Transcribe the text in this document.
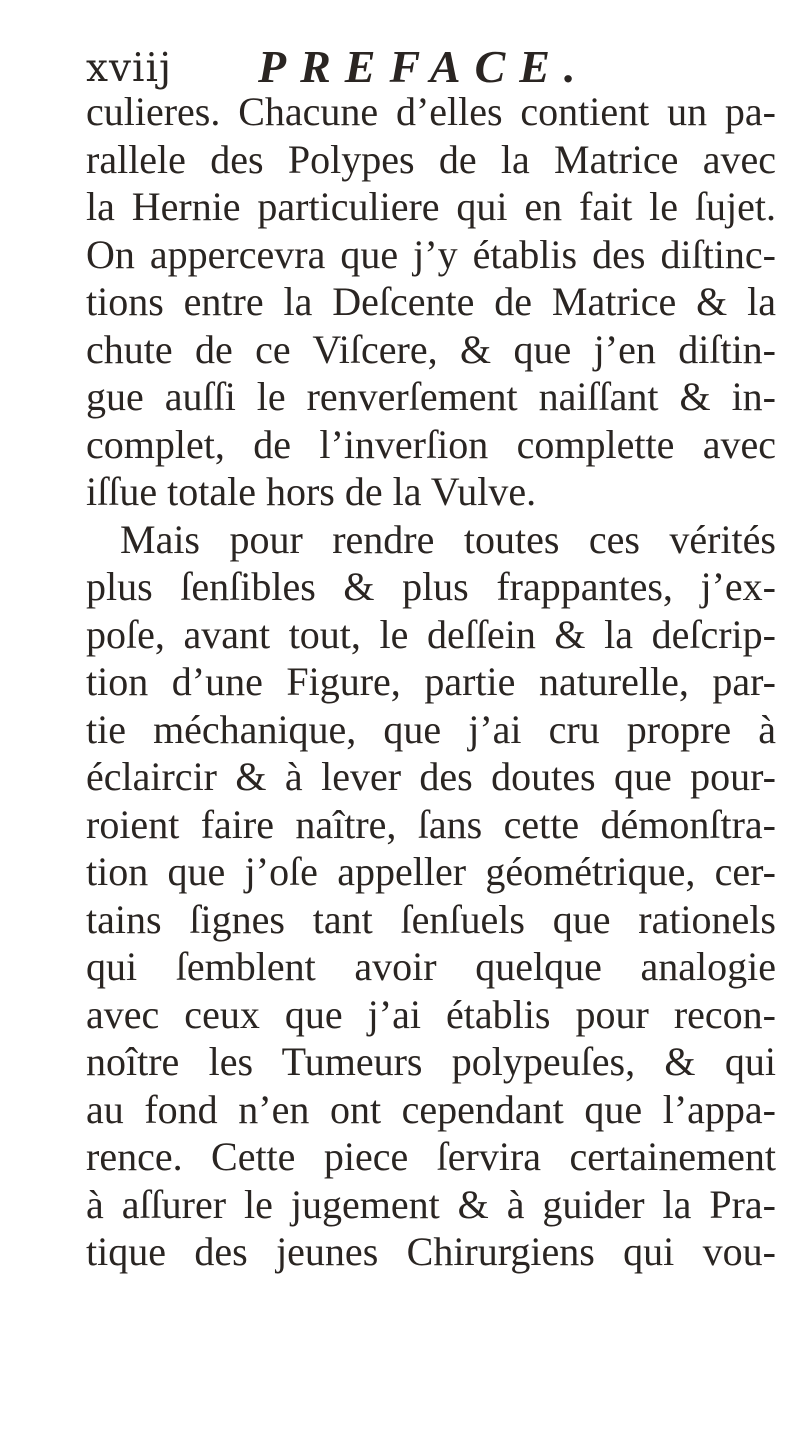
xviij PREFACE.
culieres. Chacune d’elles contient un pa-
rallele des Polypes de la Matrice avec
la Hernie particuliere qui en fait le ſujet.
On appercevra que j’y établis des diſtinc-
tions entre la Deſcente de Matrice & la
chute de ce Viſcere, & que j’en diſtin-
gue auſſi le renverſement naiſſant & in-
complet, de l’inverſion complette avec
iſſue totale hors de la Vulve.
Mais pour rendre toutes ces vérités
plus ſenſibles & plus frappantes, j’ex-
poſe, avant tout, le deſſein & la deſcrip-
tion d’une Figure, partie naturelle, par-
tie méchanique, que j’ai cru propre à
éclaircir & à lever des doutes que pour-
roient faire naître, ſans cette démonſtra-
tion que j’oſe appeller géométrique, cer-
tains ſignes tant ſenſuels que rationels
qui ſemblent avoir quelque analogie
avec ceux que j’ai établis pour recon-
noître les Tumeurs polypeuſes, & qui
au fond n’en ont cependant que l’appa-
rence. Cette piece ſervira certainement
à aſſurer le jugement & à guider la Pra-
tique des jeunes Chirurgiens qui vou-
